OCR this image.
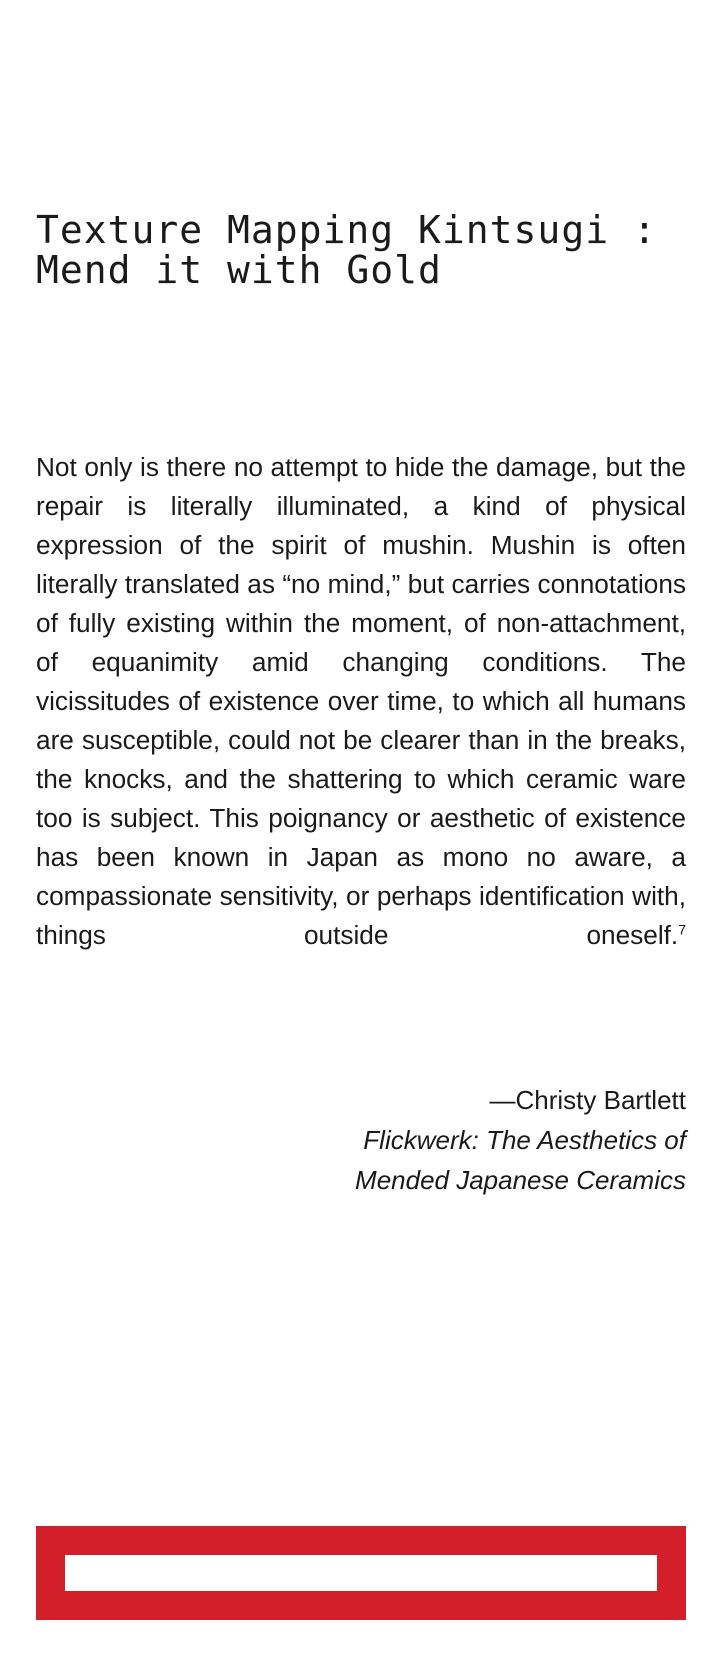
Texture Mapping Kintsugi :
Mend it with Gold

Not only is there no attempt to hide the damage, but the repair is literally illuminated, a kind of physical expression of the spirit of mushin. Mushin is often literally translated as “no mind,” but carries connotations of fully existing within the moment, of non-attachment, of equanimity amid changing conditions. The vicissitudes of existence over time, to which all humans are susceptible, could not be clearer than in the breaks, the knocks, and the shattering to which ceramic ware too is subject. This poignancy or aesthetic of existence has been known in Japan as mono no aware, a compassionate sensitivity, or perhaps identification with, things outside oneself.$^7$

—Christy Bartlett
Flickwerk: The Aesthetics of
Mended Japanese Ceramics
